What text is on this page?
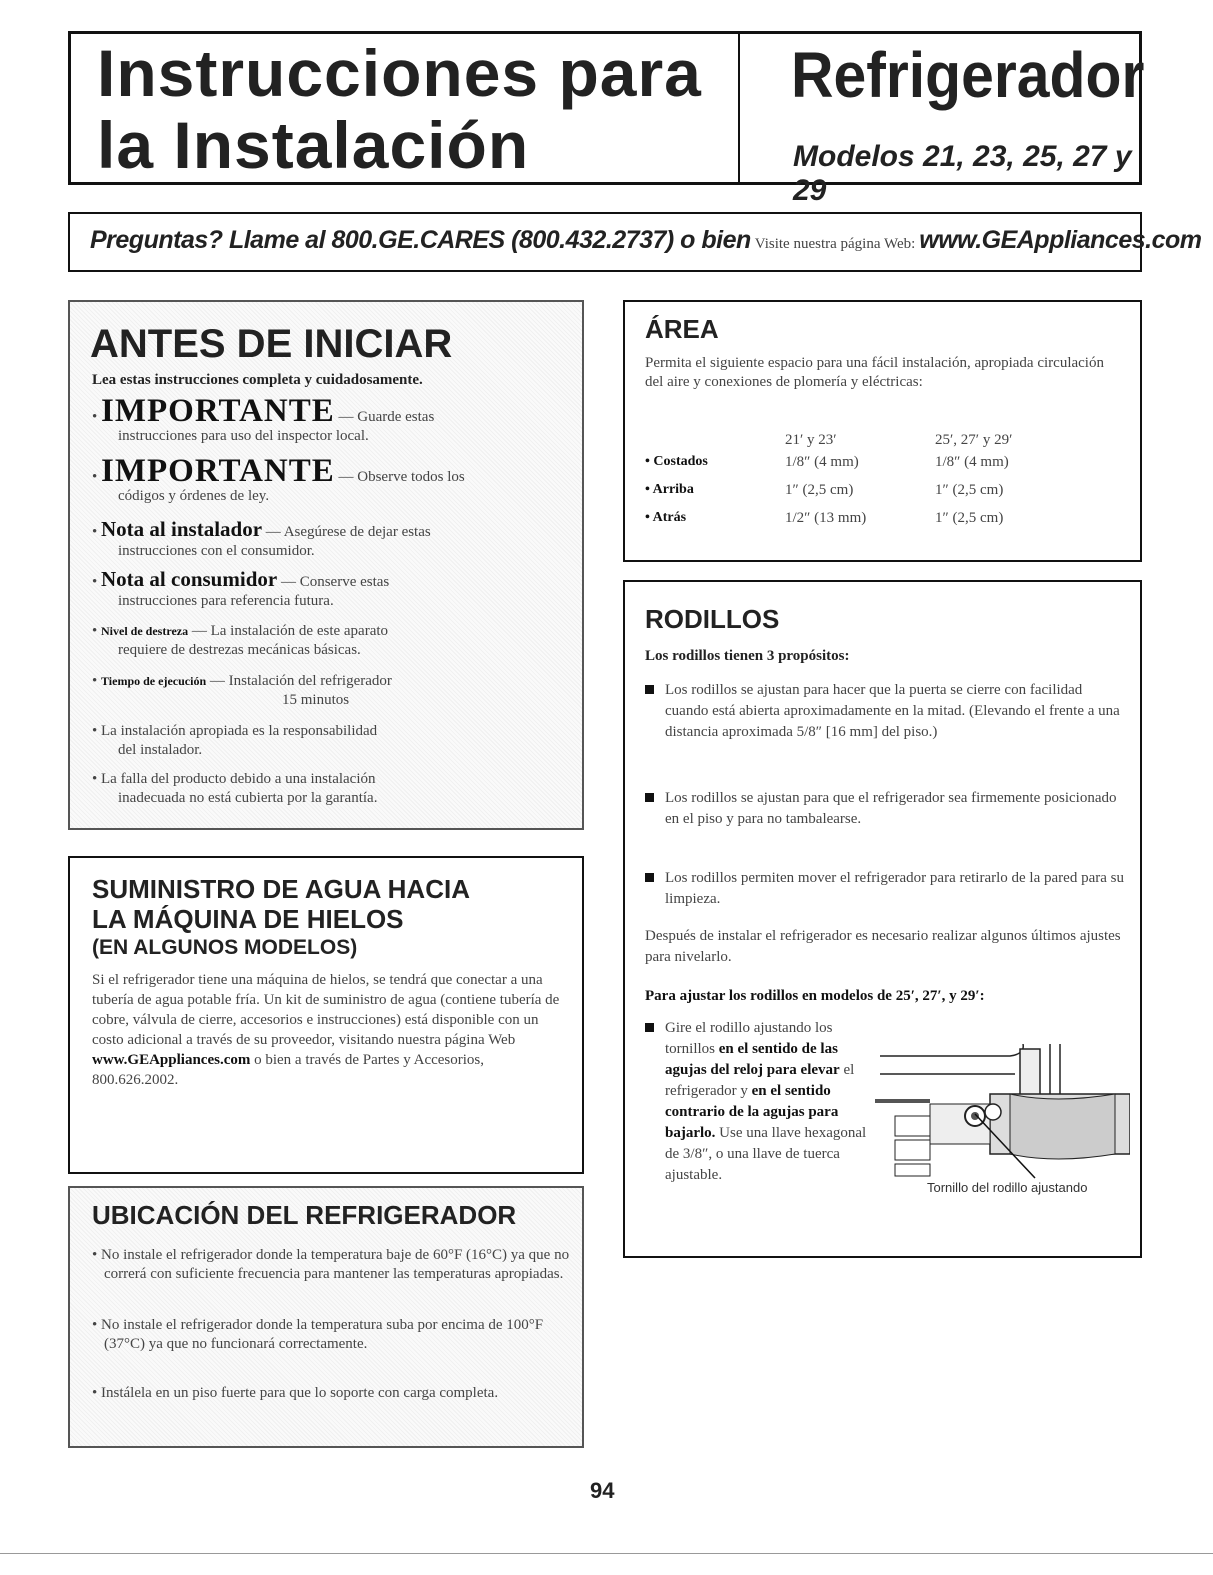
Instrucciones para
la Instalación
Refrigerador
Modelos 21, 23, 25, 27 y 29
Preguntas? Llame al 800.GE.CARES (800.432.2737) o bien Visite nuestra página Web: www.GEAppliances.com
ANTES DE INICIAR
Lea estas instrucciones completa y cuidadosamente.
• IMPORTANTE — Guarde estas
instrucciones para uso del inspector local.
• IMPORTANTE — Observe todos los
códigos y órdenes de ley.
• Nota al instalador — Asegúrese de dejar estas
instrucciones con el consumidor.
• Nota al consumidor — Conserve estas
instrucciones para referencia futura.
• Nivel de destreza — La instalación de este aparato
requiere de destrezas mecánicas básicas.
• Tiempo de ejecución — Instalación del refrigerador
15 minutos
• La instalación apropiada es la responsabilidad
del instalador.
• La falla del producto debido a una instalación
inadecuada no está cubierta por la garantía.
ÁREA
Permita el siguiente espacio para una fácil instalación, apropiada circulación del aire y conexiones de plomería y eléctricas:
21′ y 23′	25′, 27′ y 29′
• Costados	1/8″ (4 mm)	1/8″ (4 mm)
• Arriba	1″ (2,5 cm)	1″ (2,5 cm)
• Atrás	1/2″ (13 mm)	1″ (2,5 cm)
SUMINISTRO DE AGUA HACIA
LA MÁQUINA DE HIELOS
(EN ALGUNOS MODELOS)
Si el refrigerador tiene una máquina de hielos, se tendrá que conectar a una tubería de agua potable fría. Un kit de suministro de agua (contiene tubería de cobre, válvula de cierre, accesorios e instrucciones) está disponible con un costo adicional a través de su proveedor, visitando nuestra página Web www.GEAppliances.com o bien a través de Partes y Accesorios, 800.626.2002.
UBICACIÓN DEL REFRIGERADOR
• No instale el refrigerador donde la temperatura baje de 60°F (16°C) ya que no correrá con suficiente frecuencia para mantener las temperaturas apropiadas.
• No instale el refrigerador donde la temperatura suba por encima de 100°F (37°C) ya que no funcionará correctamente.
• Instálela en un piso fuerte para que lo soporte con carga completa.
RODILLOS
Los rodillos tienen 3 propósitos:
Los rodillos se ajustan para hacer que la puerta se cierre con facilidad cuando está abierta aproximadamente en la mitad. (Elevando el frente a una distancia aproximada 5/8″ [16 mm] del piso.)
Los rodillos se ajustan para que el refrigerador sea firmemente posicionado en el piso y para no tambalearse.
Los rodillos permiten mover el refrigerador para retirarlo de la pared para su limpieza.
Después de instalar el refrigerador es necesario realizar algunos últimos ajustes para nivelarlo.
Para ajustar los rodillos en modelos de 25′, 27′, y 29′:
Gire el rodillo ajustando los tornillos en el sentido de las agujas del reloj para elevar el refrigerador y en el sentido contrario de la agujas para bajarlo. Use una llave hexagonal de 3/8″, o una llave de tuerca ajustable.
Tornillo del rodillo ajustando
94
